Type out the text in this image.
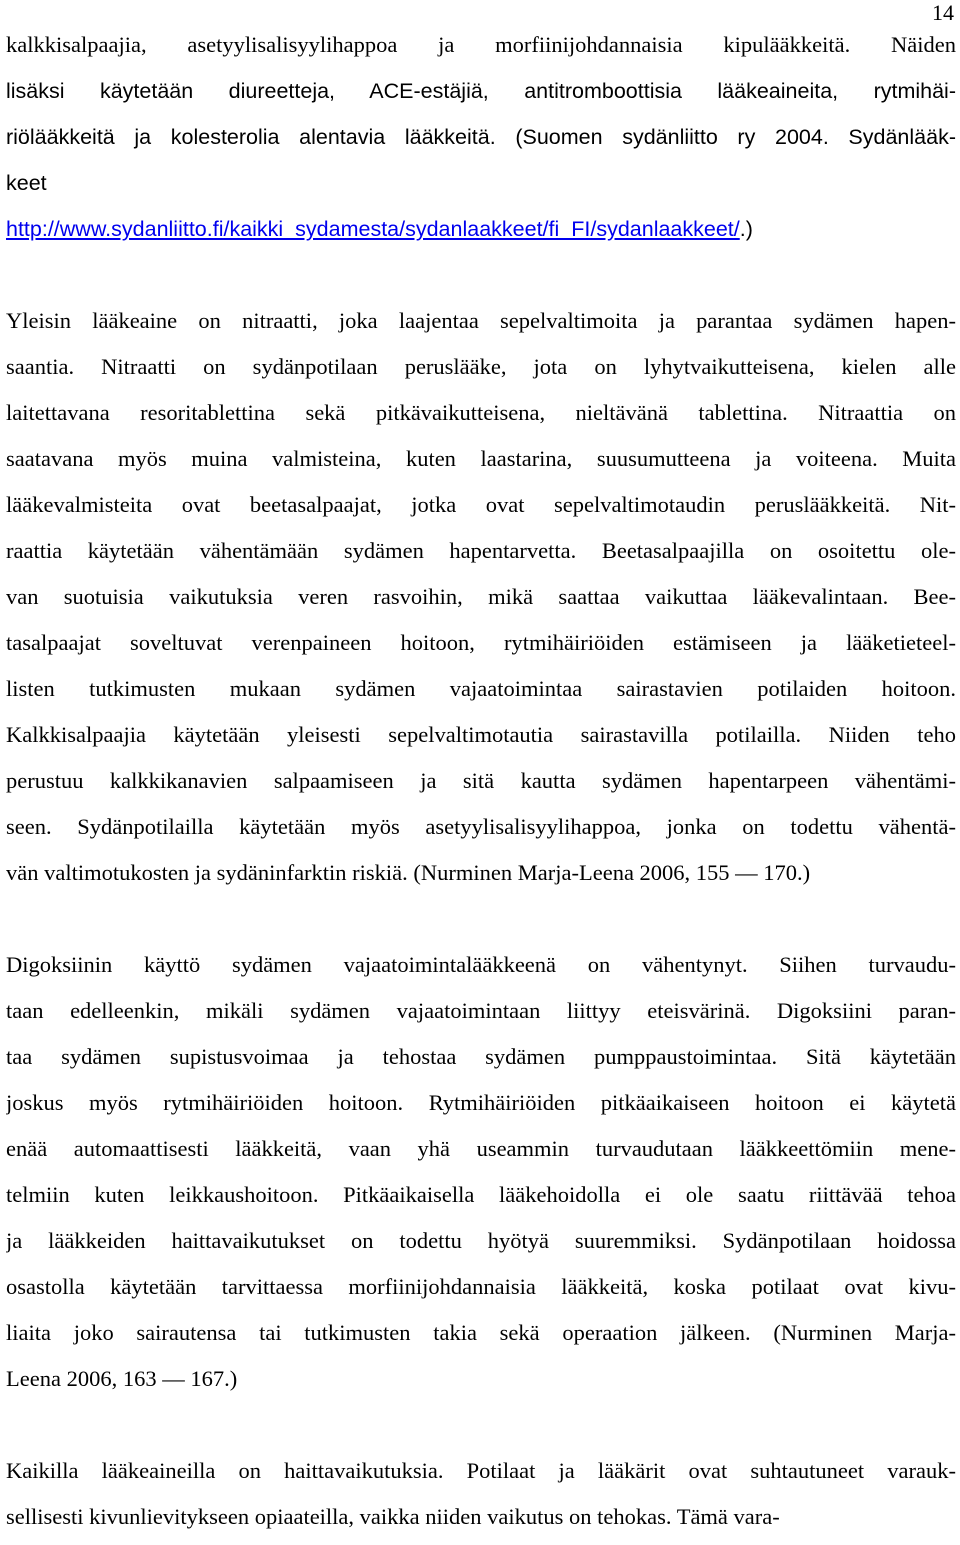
14
kalkkisalpaajia, asetyylisalisyylihappoa ja morfiinijohdannaisia kipulääkkeitä. Näiden
lisäksi käytetään diureetteja, ACE-estäjiä, antitromboottisia lääkeaineita, rytmihäi-
riölääkkeitä ja kolesterolia alentavia lääkkeitä. (Suomen sydänliitto ry 2004. Sydänlääk-
keet
http://www.sydanliitto.fi/kaikki_sydamesta/sydanlaakkeet/fi_FI/sydanlaakkeet/.)
Yleisin lääkeaine on nitraatti, joka laajentaa sepelvaltimoita ja parantaa sydämen hapen-
saantia. Nitraatti on sydänpotilaan peruslääke, jota on lyhytvaikutteisena, kielen alle
laitettavana resoritablettina sekä pitkävaikutteisena, nieltävänä tablettina. Nitraattia on
saatavana myös muina valmisteina, kuten laastarina, suusumutteena ja voiteena. Muita
lääkevalmisteita ovat beetasalpaajat, jotka ovat sepelvaltimotaudin peruslääkkeitä. Nit-
raattia käytetään vähentämään sydämen hapentarvetta. Beetasalpaajilla on osoitettu ole-
van suotuisia vaikutuksia veren rasvoihin, mikä saattaa vaikuttaa lääkevalintaan. Bee-
tasalpaajat soveltuvat verenpaineen hoitoon, rytmihäiriöiden estämiseen ja lääketieteel-
listen tutkimusten mukaan sydämen vajaatoimintaa sairastavien potilaiden hoitoon.
Kalkkisalpaajia käytetään yleisesti sepelvaltimotautia sairastavilla potilailla. Niiden teho
perustuu kalkkikanavien salpaamiseen ja sitä kautta sydämen hapentarpeen vähentämi-
seen. Sydänpotilailla käytetään myös asetyylisalisyylihappoa, jonka on todettu vähentä-
vän valtimotukosten ja sydäninfarktin riskiä. (Nurminen Marja-Leena 2006, 155 — 170.)
Digoksiinin käyttö sydämen vajaatoimintalääkkeenä on vähentynyt. Siihen turvaudu-
taan edelleenkin, mikäli sydämen vajaatoimintaan liittyy eteisvärinä. Digoksiini paran-
taa sydämen supistusvoimaa ja tehostaa sydämen pumppaustoimintaa. Sitä käytetään
joskus myös rytmihäiriöiden hoitoon. Rytmihäiriöiden pitkäaikaiseen hoitoon ei käytetä
enää automaattisesti lääkkeitä, vaan yhä useammin turvaudutaan lääkkeettömiin mene-
telmiin kuten leikkaushoitoon. Pitkäaikaisella lääkehoidolla ei ole saatu riittävää tehoa
ja lääkkeiden haittavaikutukset on todettu hyötyä suuremmiksi. Sydänpotilaan hoidossa
osastolla käytetään tarvittaessa morfiinijohdannaisia lääkkeitä, koska potilaat ovat kivu-
liaita joko sairautensa tai tutkimusten takia sekä operaation jälkeen. (Nurminen Marja-
Leena 2006, 163 — 167.)
Kaikilla lääkeaineilla on haittavaikutuksia. Potilaat ja lääkärit ovat suhtautuneet varauk-
sellisesti kivunlievitykseen opiaateilla, vaikka niiden vaikutus on tehokas. Tämä vara-
